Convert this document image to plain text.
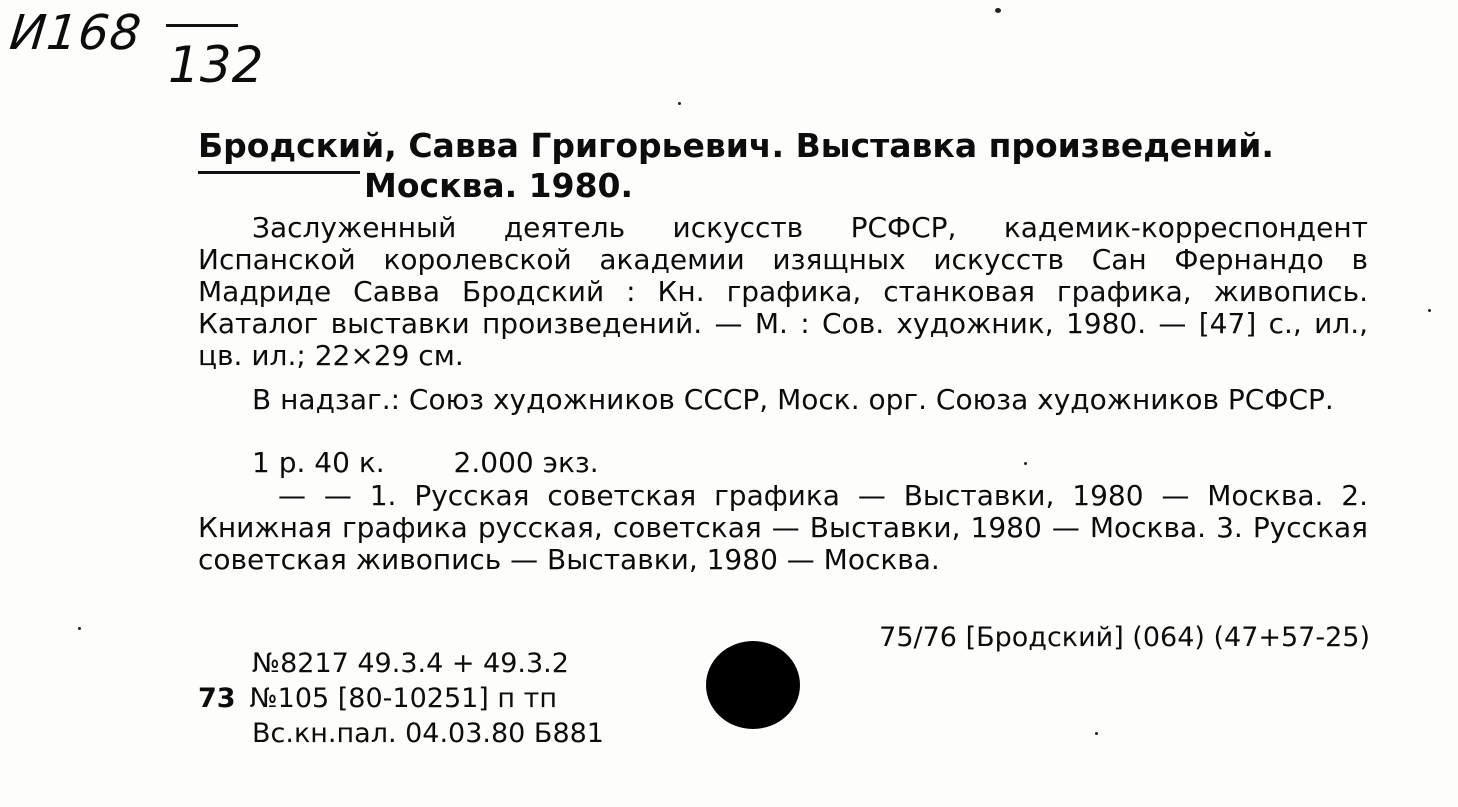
И168
132
Бродский, Савва Григорьевич. Выставка произведений.
Москва. 1980.

Заслуженный деятель искусств РСФСР, кадемик-корреспондент Испанской королевской академии изящных искусств Сан Фернандо в Мадриде Савва Бродский : Кн. графика, станковая графика, живопись. Каталог выставки произведений. — М. : Сов. художник, 1980. — [47] с., ил., цв. ил.; 22×29 см.

В надзаг.: Союз художников СССР, Моск. орг. Союза художников РСФСР.

1 р. 40 к. 2.000 экз.

— — 1. Русская советская графика — Выставки, 1980 — Москва. 2. Книжная графика русская, советская — Выставки, 1980 — Москва. 3. Русская советская живопись — Выставки, 1980 — Москва.

75/76 [Бродский] (064) (47+57-25)
№8217 49.3.4 + 49.3.2
73 №105 [80-10251] п тп
Вс.кн.пал. 04.03.80 Б881
